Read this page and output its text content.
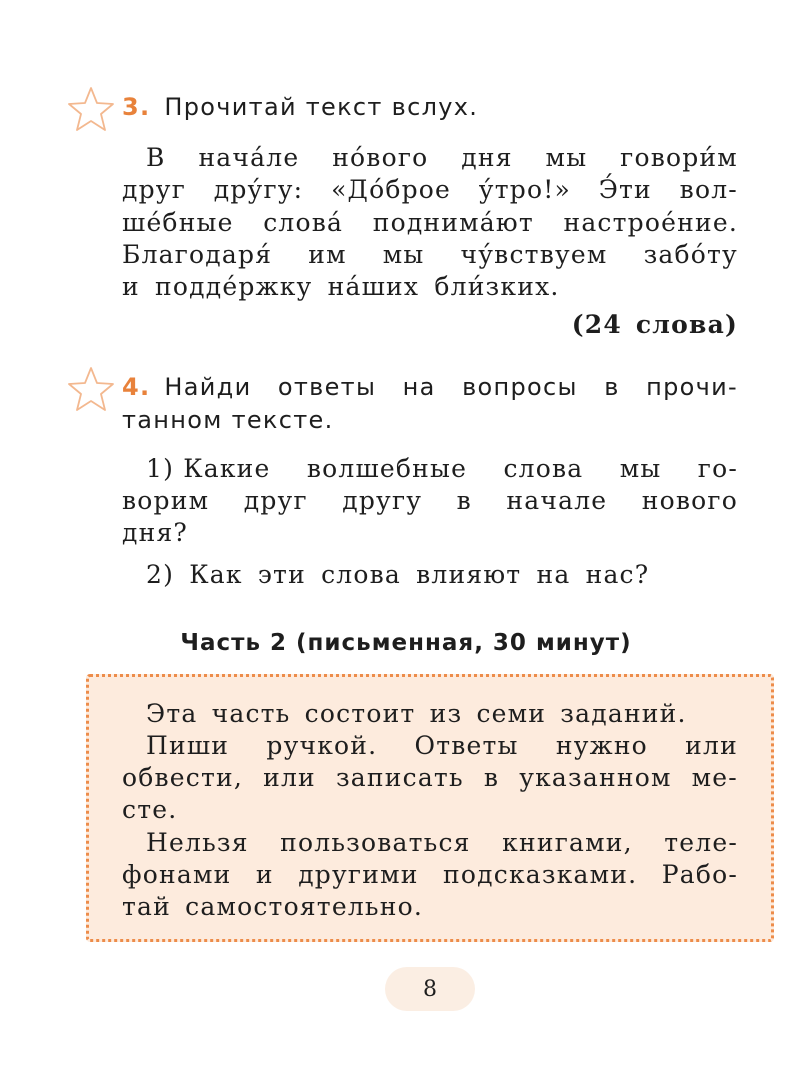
3. Прочитай текст вслух.
В нача́ле но́вого дня мы говори́м
друг дру́гу: «До́брое у́тро!» Э́ти вол-
ше́бные слова́ поднима́ют настрое́ние.
Благодаря́ им мы чу́вствуем забо́ту
и подде́ржку на́ших бли́зких.
(24 слова)
4. Найди ответы на вопросы в прочи-
танном тексте.
1) Какие волшебные слова мы го-
ворим друг другу в начале нового
дня?
2) Как эти слова влияют на нас?
Часть 2 (письменная, 30 минут)
Эта часть состоит из семи заданий.
Пиши ручкой. Ответы нужно или
обвести, или записать в указанном ме-
сте.
Нельзя пользоваться книгами, теле-
фонами и другими подсказками. Рабо-
тай самостоятельно.
8
